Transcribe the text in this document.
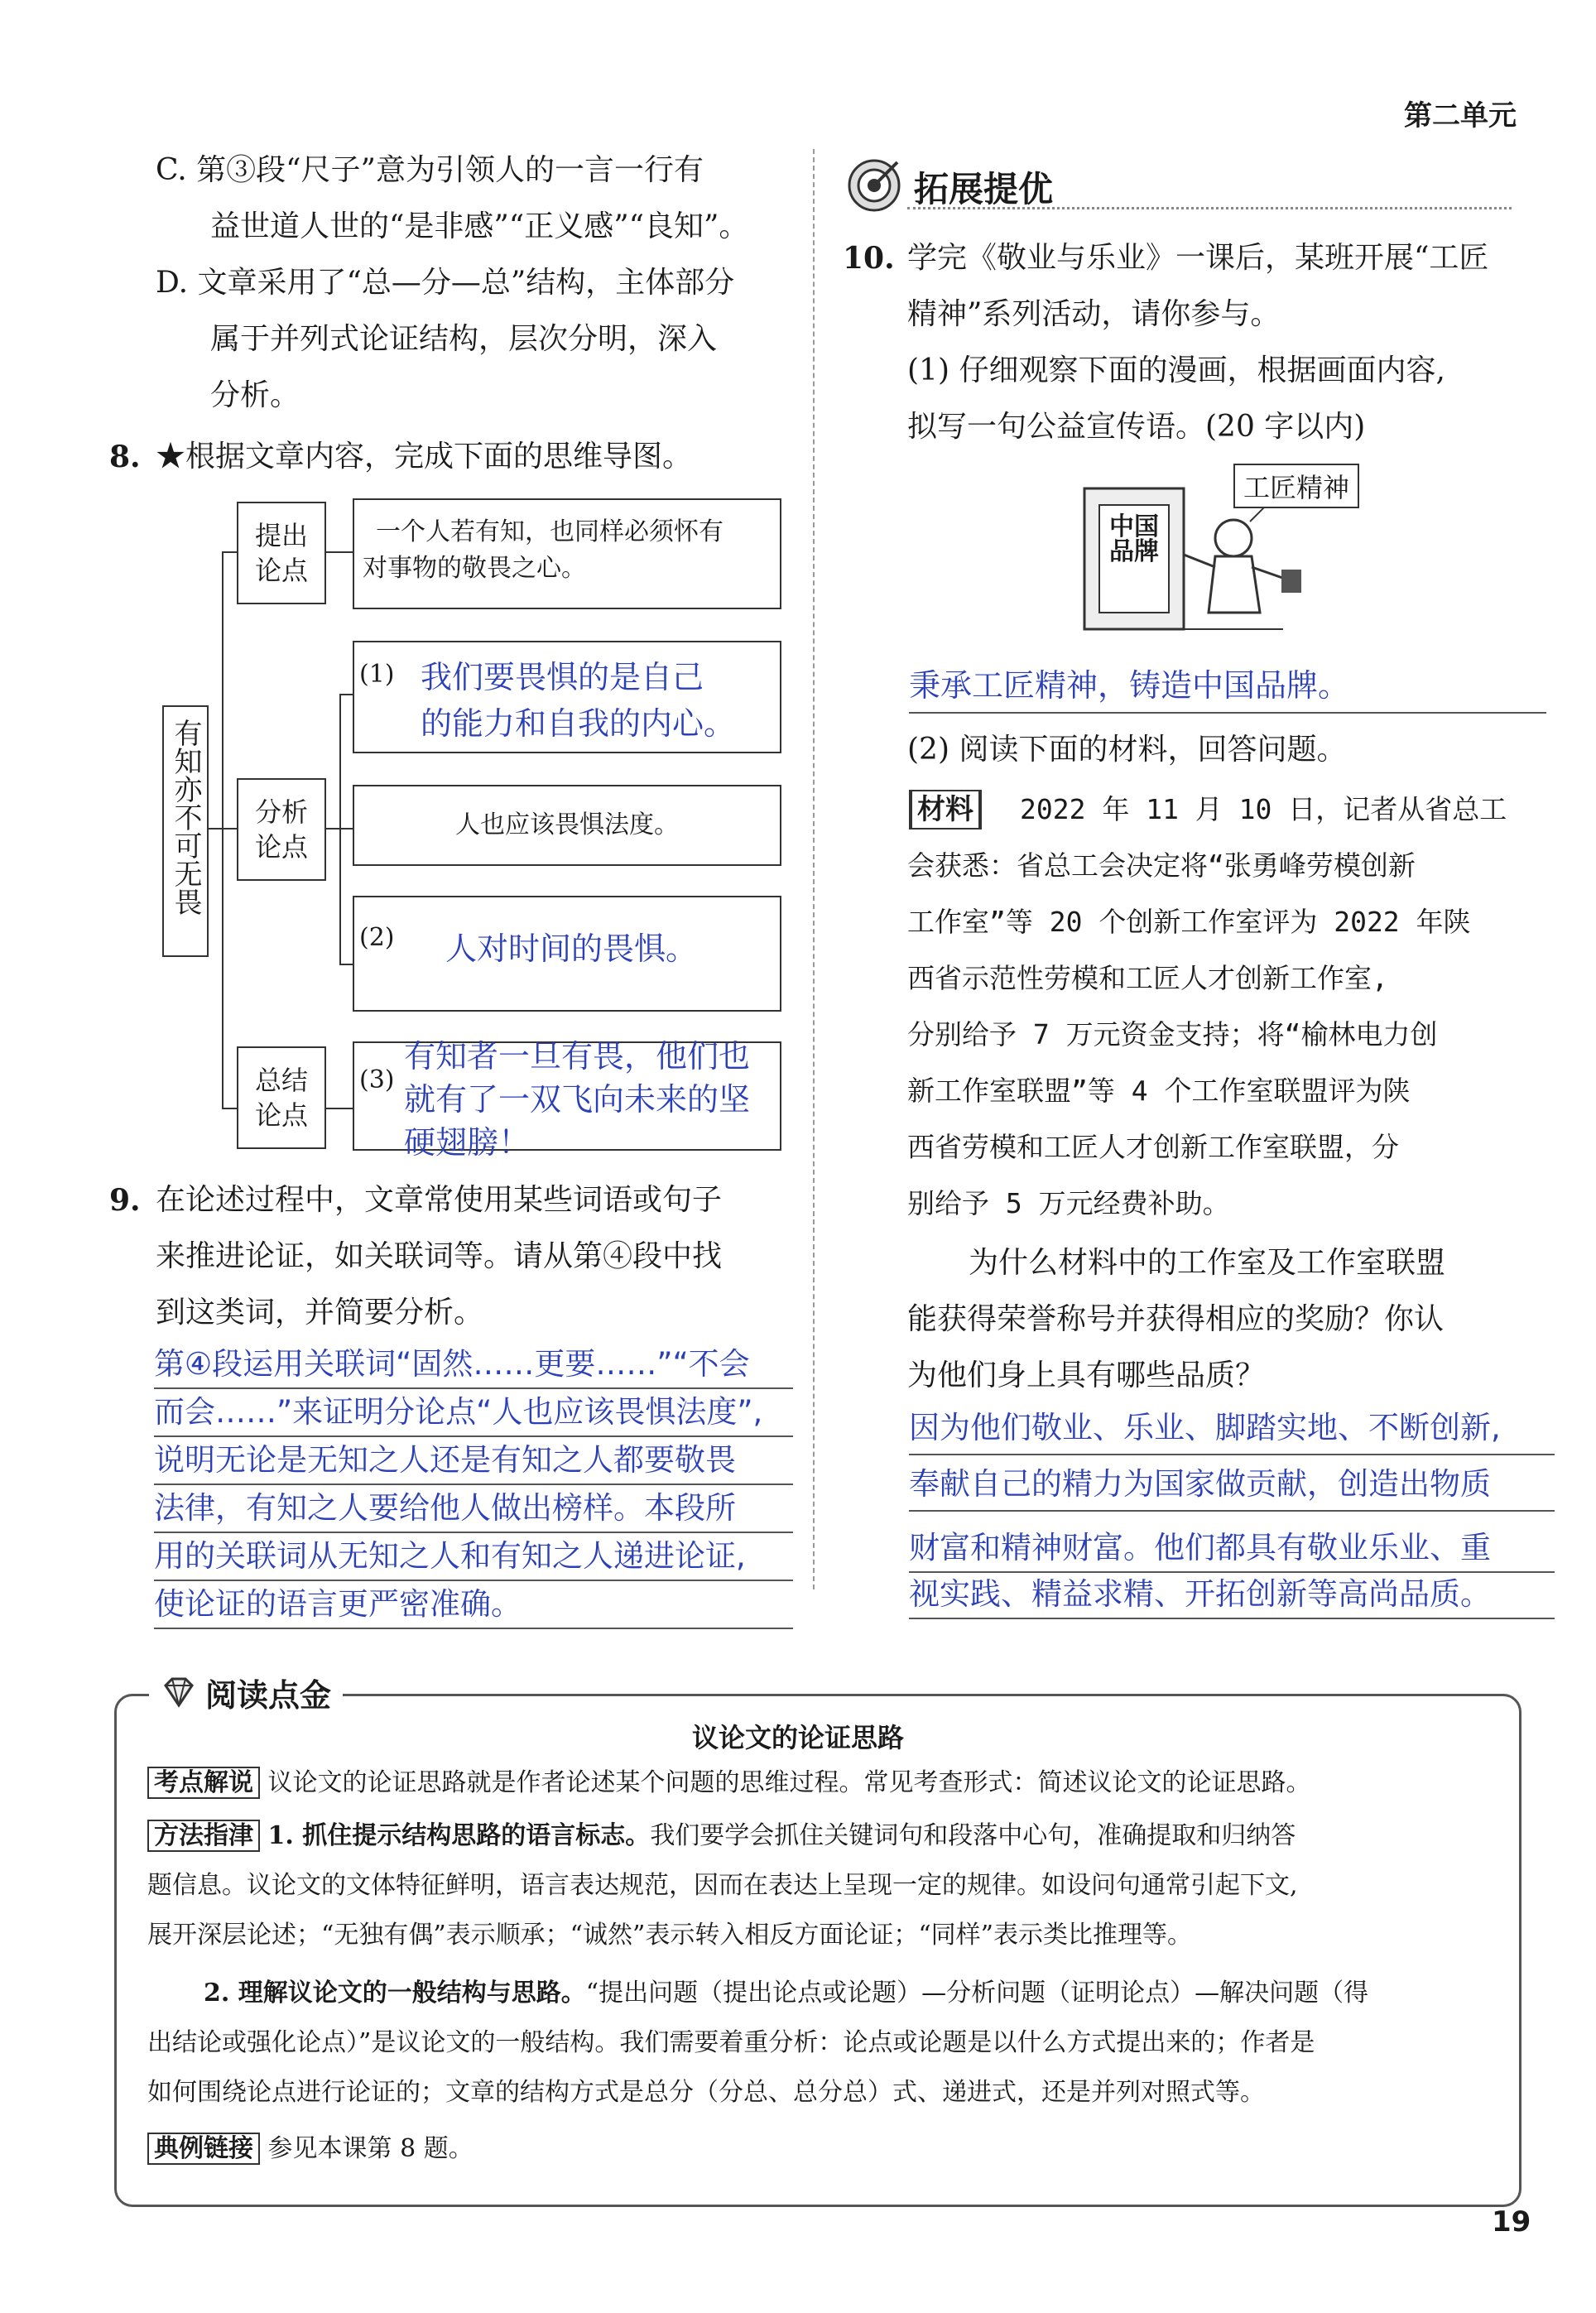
第二单元
19
C. 第③段“尺子”意为引领人的一言一行有
益世道人世的“是非感”“正义感”“良知”。
D. 文章采用了“总—分—总”结构，主体部分
属于并列式论证结构，层次分明，深入
分析。
8. ★根据文章内容，完成下面的思维导图。
有知亦不可无畏
提出论点
分析论点
总结论点
一个人若有知，也同样必须怀有
对事物的敬畏之心。
(1) 我们要畏惧的是自己
的能力和自我的内心。
人也应该畏惧法度。
(2) 人对时间的畏惧。
(3)
有知者一旦有畏，他们也
就有了一双飞向未来的坚
硬翅膀！
9. 在论述过程中，文章常使用某些词语或句子
来推进论证，如关联词等。请从第④段中找
到这类词，并简要分析。
第④段运用关联词“固然……更要……”“不会
而会……”来证明分论点“人也应该畏惧法度”,
说明无论是无知之人还是有知之人都要敬畏
法律，有知之人要给他人做出榜样。本段所
用的关联词从无知之人和有知之人递进论证,
使论证的语言更严密准确。
拓展提优
10. 学完《敬业与乐业》一课后，某班开展“工匠
精神”系列活动，请你参与。
(1) 仔细观察下面的漫画，根据画面内容,
拟写一句公益宣传语。(20 字以内)
中国
品牌
工匠精神
秉承工匠精神，铸造中国品牌。
(2) 阅读下面的材料，回答问题。
材料	2022 年 11 月 10 日，记者从省总工
会获悉：省总工会决定将“张勇峰劳模创新
工作室”等 20 个创新工作室评为 2022 年陕
西省示范性劳模和工匠人才创新工作室,
分别给予 7 万元资金支持；将“榆林电力创
新工作室联盟”等 4 个工作室联盟评为陕
西省劳模和工匠人才创新工作室联盟，分
别给予 5 万元经费补助。
为什么材料中的工作室及工作室联盟
能获得荣誉称号并获得相应的奖励？你认
为他们身上具有哪些品质？
因为他们敬业、乐业、脚踏实地、不断创新,
奉献自己的精力为国家做贡献，创造出物质
财富和精神财富。他们都具有敬业乐业、重
视实践、精益求精、开拓创新等高尚品质。
阅读点金
议论文的论证思路
考点解说 议论文的论证思路就是作者论述某个问题的思维过程。常见考查形式：简述议论文的论证思路。
方法指津 1. 抓住提示结构思路的语言标志。我们要学会抓住关键词句和段落中心句，准确提取和归纳答
题信息。议论文的文体特征鲜明，语言表达规范，因而在表达上呈现一定的规律。如设问句通常引起下文,
展开深层论述；“无独有偶”表示顺承；“诚然”表示转入相反方面论证；“同样”表示类比推理等。
2. 理解议论文的一般结构与思路。“提出问题（提出论点或论题）—分析问题（证明论点）—解决问题（得
出结论或强化论点）”是议论文的一般结构。我们需要着重分析：论点或论题是以什么方式提出来的；作者是
如何围绕论点进行论证的；文章的结构方式是总分（分总、总分总）式、递进式，还是并列对照式等。
典例链接 参见本课第 8 题。
